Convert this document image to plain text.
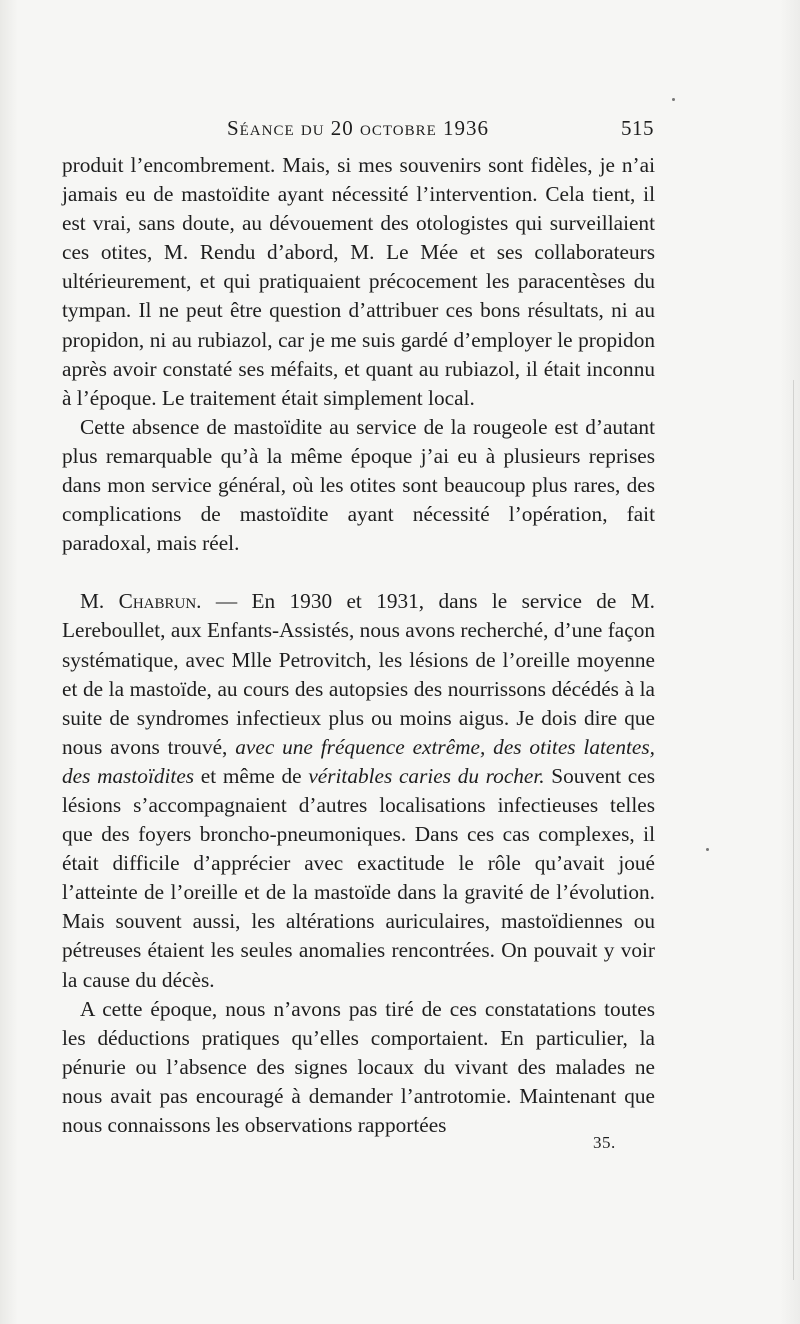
Séance du 20 octobre 1936	515

produit l’encombrement. Mais, si mes souvenirs sont fidèles, je n’ai jamais eu de mastoïdite ayant nécessité l’intervention. Cela tient, il est vrai, sans doute, au dévouement des otologistes qui surveillaient ces otites, M. Rendu d’abord, M. Le Mée et ses collaborateurs ultérieurement, et qui pratiquaient précocement les paracentèses du tympan. Il ne peut être question d’attribuer ces bons résultats, ni au propidon, ni au rubiazol, car je me suis gardé d’employer le propidon après avoir constaté ses méfaits, et quant au rubiazol, il était inconnu à l’époque. Le traitement était simplement local.

Cette absence de mastoïdite au service de la rougeole est d’autant plus remarquable qu’à la même époque j’ai eu à plusieurs reprises dans mon service général, où les otites sont beaucoup plus rares, des complications de mastoïdite ayant nécessité l’opération, fait paradoxal, mais réel.

M. Chabrun. — En 1930 et 1931, dans le service de M. Lereboullet, aux Enfants-Assistés, nous avons recherché, d’une façon systématique, avec Mlle Petrovitch, les lésions de l’oreille moyenne et de la mastoïde, au cours des autopsies des nourrissons décédés à la suite de syndromes infectieux plus ou moins aigus. Je dois dire que nous avons trouvé, avec une fréquence extrême, des otites latentes, des mastoïdites et même de véritables caries du rocher. Souvent ces lésions s’accompagnaient d’autres localisations infectieuses telles que des foyers broncho-pneumoniques. Dans ces cas complexes, il était difficile d’apprécier avec exactitude le rôle qu’avait joué l’atteinte de l’oreille et de la mastoïde dans la gravité de l’évolution. Mais souvent aussi, les altérations auriculaires, mastoïdiennes ou pétreuses étaient les seules anomalies rencontrées. On pouvait y voir la cause du décès.

A cette époque, nous n’avons pas tiré de ces constatations toutes les déductions pratiques qu’elles comportaient. En particulier, la pénurie ou l’absence des signes locaux du vivant des malades ne nous avait pas encouragé à demander l’antrotomie. Maintenant que nous connaissons les observations rapportées

35.
